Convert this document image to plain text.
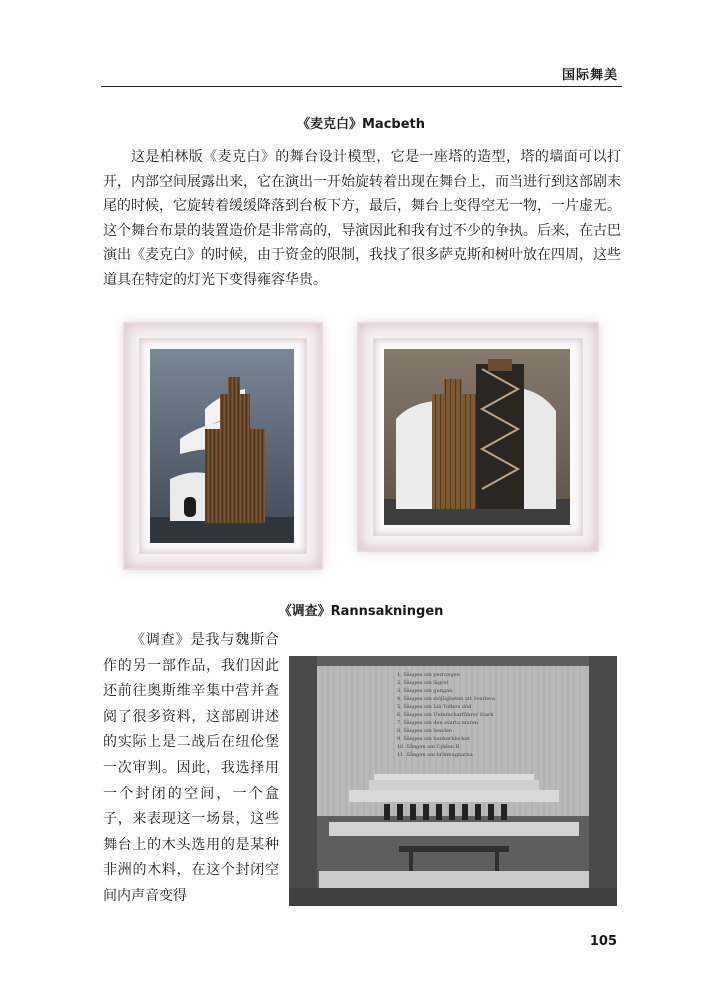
国际舞美
《麦克白》Macbeth
这是柏林版《麦克白》的舞台设计模型，它是一座塔的造型，塔的墙面可以打开，内部空间展露出来，它在演出一开始旋转着出现在舞台上，而当进行到这部剧末尾的时候，它旋转着缓缓降落到台板下方，最后，舞台上变得空无一物，一片虚无。这个舞台布景的装置造价是非常高的，导演因此和我有过不少的争执。后来，在古巴演出《麦克白》的时候，由于资金的限制，我找了很多萨克斯和树叶放在四周，这些道具在特定的灯光下变得雍容华贵。
《调查》Rannsakningen
《调查》是我与魏斯合作的另一部作品，我们因此还前往奥斯维辛集中营并查阅了很多资料，这部剧讲述的实际上是二战后在纽伦堡一次审判。因此，我选择用一个封闭的空间，一个盒子，来表现这一场景，这些舞台上的木头选用的是某种非洲的木料，在这个封闭空间内声音变得
1. Sången om perrongen
2. Sången om lägret
3. Sången om gungan
4. Sången om möjligheten att överleva
5. Sången om Lili Toflers död
6. Sången om Unterscharführer Stark
7. Sången om den svarta muren
8. Sången om fenolen
9. Sången om bunkerblocket
10. Sången om Cyklon B
11. Sången om brännugnarna
105
